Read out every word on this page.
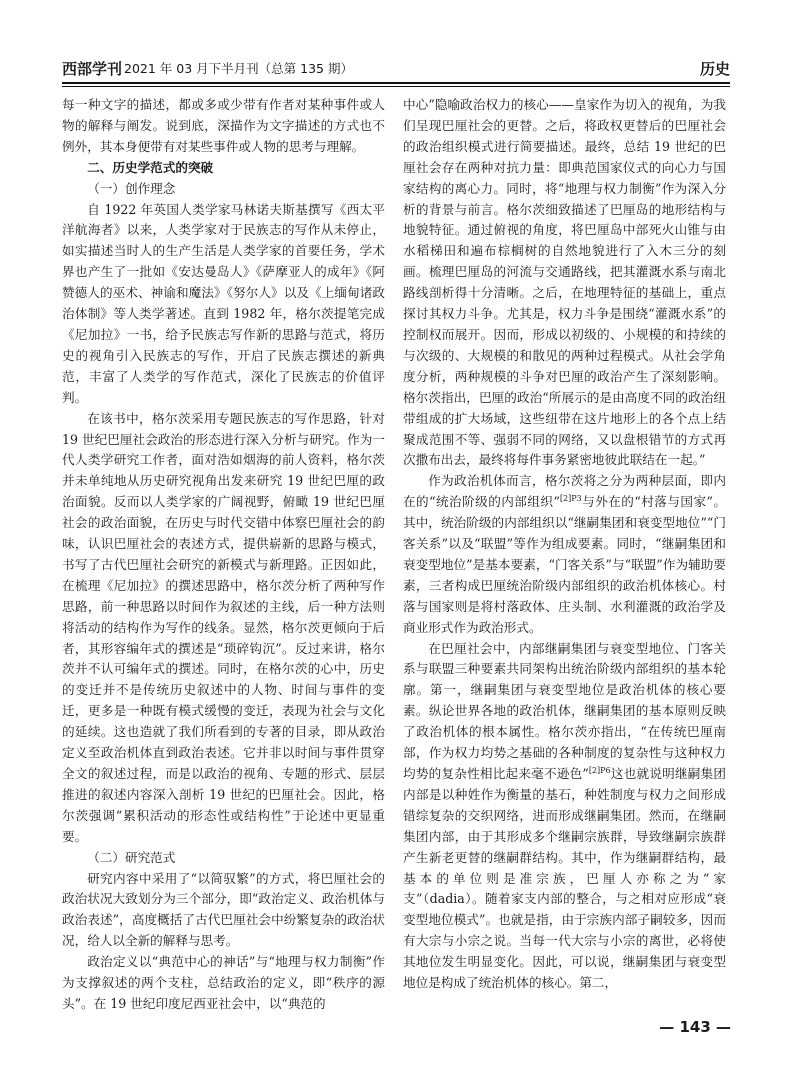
西部学刊 2021 年 03 月下半月刊（总第 135 期）	历史

每一种文字的描述，都或多或少带有作者对某种事件或人物的解释与阐发。说到底，深描作为文字描述的方式也不例外，其本身便带有对某些事件或人物的思考与理解。

二、历史学范式的突破
（一）创作理念

自 1922 年英国人类学家马林诺夫斯基撰写《西太平洋航海者》以来，人类学家对于民族志的写作从未停止，如实描述当时人的生产生活是人类学家的首要任务，学术界也产生了一批如《安达曼岛人》《萨摩亚人的成年》《阿赞德人的巫术、神谕和魔法》《努尔人》以及《上缅甸诸政治体制》等人类学著述。直到 1982 年，格尔茨提笔完成《尼加拉》一书，给予民族志写作新的思路与范式，将历史的视角引入民族志的写作，开启了民族志撰述的新典范，丰富了人类学的写作范式，深化了民族志的价值评判。

在该书中，格尔茨采用专题民族志的写作思路，针对 19 世纪巴厘社会政治的形态进行深入分析与研究。作为一代人类学研究工作者，面对浩如烟海的前人资料，格尔茨并未单纯地从历史研究视角出发来研究 19 世纪巴厘的政治面貌。反而以人类学家的广阔视野，俯瞰 19 世纪巴厘社会的政治面貌，在历史与时代交错中体察巴厘社会的韵味，认识巴厘社会的表述方式，提供崭新的思路与模式，书写了古代巴厘社会研究的新模式与新理路。正因如此，在梳理《尼加拉》的撰述思路中，格尔茨分析了两种写作思路，前一种思路以时间作为叙述的主线，后一种方法则将活动的结构作为写作的线条。显然，格尔茨更倾向于后者，其形容编年式的撰述是“琐碎钩沉”。反过来讲，格尔茨并不认可编年式的撰述。同时，在格尔茨的心中，历史的变迁并不是传统历史叙述中的人物、时间与事件的变迁，更多是一种既有模式缓慢的变迁，表现为社会与文化的延续。这也造就了我们所看到的专著的目录，即从政治定义至政治机体直到政治表述。它并非以时间与事件贯穿全文的叙述过程，而是以政治的视角、专题的形式、层层推进的叙述内容深入剖析 19 世纪的巴厘社会。因此，格尔茨强调“累积活动的形态性或结构性”于论述中更显重要。

（二）研究范式

研究内容中采用了“以简驭繁”的方式，将巴厘社会的政治状况大致划分为三个部分，即“政治定义、政治机体与政治表述”，高度概括了古代巴厘社会中纷繁复杂的政治状况，给人以全新的解释与思考。

政治定义以“典范中心的神话”与“地理与权力制衡”作为支撑叙述的两个支柱，总结政治的定义，即“秩序的源头”。在 19 世纪印度尼西亚社会中，以“典范的

中心”隐喻政治权力的核心——皇家作为切入的视角，为我们呈现巴厘社会的更替。之后，将政权更替后的巴厘社会的政治组织模式进行简要描述。最终，总结 19 世纪的巴厘社会存在两种对抗力量：即典范国家仪式的向心力与国家结构的离心力。同时，将“地理与权力制衡”作为深入分析的背景与前言。格尔茨细致描述了巴厘岛的地形结构与地貌特征。通过俯视的角度，将巴厘岛中部死火山锥与由水稻梯田和遍布棕榈树的自然地貌进行了入木三分的刻画。梳理巴厘岛的河流与交通路线，把其灌溉水系与南北路线剖析得十分清晰。之后，在地理特征的基础上，重点探讨其权力斗争。尤其是，权力斗争是围绕“灌溉水系”的控制权而展开。因而，形成以初级的、小规模的和持续的与次级的、大规模的和散见的两种过程模式。从社会学角度分析，两种规模的斗争对巴厘的政治产生了深刻影响。格尔茨指出，巴厘的政治“所展示的是由高度不同的政治纽带组成的扩大场域，这些纽带在这片地形上的各个点上结聚成范围不等、强弱不同的网络，又以盘根错节的方式再次撒布出去，最终将每件事务紧密地彼此联结在一起。”

作为政治机体而言，格尔茨将之分为两种层面，即内在的“统治阶级的内部组织”$^{[2]P3}$与外在的“村落与国家”。其中，统治阶级的内部组织以“继嗣集团和衰变型地位”“门客关系”以及“联盟”等作为组成要素。同时，“继嗣集团和衰变型地位”是基本要素，“门客关系”与“联盟”作为辅助要素，三者构成巴厘统治阶级内部组织的政治机体核心。村落与国家则是将村落政体、庄头制、水利灌溉的政治学及商业形式作为政治形式。

在巴厘社会中，内部继嗣集团与衰变型地位、门客关系与联盟三种要素共同架构出统治阶级内部组织的基本轮廓。第一，继嗣集团与衰变型地位是政治机体的核心要素。纵论世界各地的政治机体，继嗣集团的基本原则反映了政治机体的根本属性。格尔茨亦指出，“在传统巴厘南部，作为权力均势之基础的各种制度的复杂性与这种权力均势的复杂性相比起来毫不逊色”$^{[2]P6}$这也就说明继嗣集团内部是以种姓作为衡量的基石，种姓制度与权力之间形成错综复杂的交织网络，进而形成继嗣集团。然而，在继嗣集团内部，由于其形成多个继嗣宗族群，导致继嗣宗族群产生新老更替的继嗣群结构。其中，作为继嗣群结构，最基本的单位则是准宗族，巴厘人亦称之为“家支”（dadia）。随着家支内部的整合，与之相对应形成“衰变型地位模式”。也就是指，由于宗族内部子嗣较多，因而有大宗与小宗之说。当每一代大宗与小宗的离世，必将使其地位发生明显变化。因此，可以说，继嗣集团与衰变型地位是构成了统治机体的核心。第二，

— 143 —
